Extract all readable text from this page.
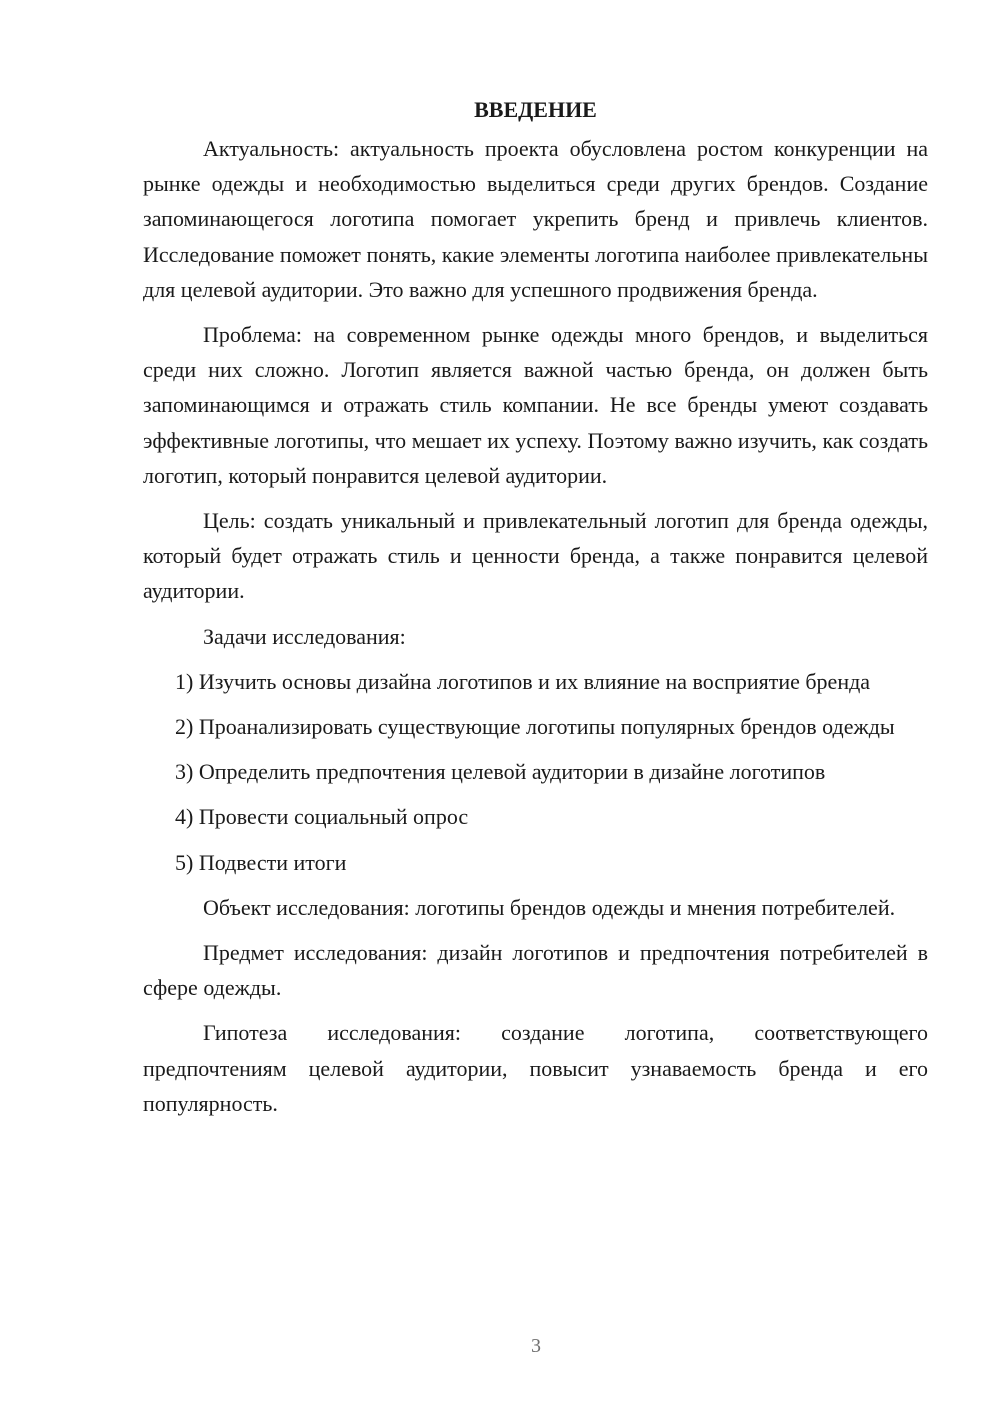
ВВЕДЕНИЕ

Актуальность: актуальность проекта обусловлена ростом конкуренции на рынке одежды и необходимостью выделиться среди других брендов. Создание запоминающегося логотипа помогает укрепить бренд и привлечь клиентов. Исследование поможет понять, какие элементы логотипа наиболее привлекательны для целевой аудитории. Это важно для успешного продвижения бренда.

Проблема: на современном рынке одежды много брендов, и выделиться среди них сложно. Логотип является важной частью бренда, он должен быть запоминающимся и отражать стиль компании. Не все бренды умеют создавать эффективные логотипы, что мешает их успеху. Поэтому важно изучить, как создать логотип, который понравится целевой аудитории.

Цель: создать уникальный и привлекательный логотип для бренда одежды, который будет отражать стиль и ценности бренда, а также понравится целевой аудитории.

Задачи исследования:

1) Изучить основы дизайна логотипов и их влияние на восприятие бренда

2) Проанализировать существующие логотипы популярных брендов одежды

3) Определить предпочтения целевой аудитории в дизайне логотипов

4) Провести социальный опрос

5) Подвести итоги

Объект исследования: логотипы брендов одежды и мнения потребителей.

Предмет исследования: дизайн логотипов и предпочтения потребителей в сфере одежды.

Гипотеза исследования: создание логотипа, соответствующего предпочтениям целевой аудитории, повысит узнаваемость бренда и его популярность.

3
